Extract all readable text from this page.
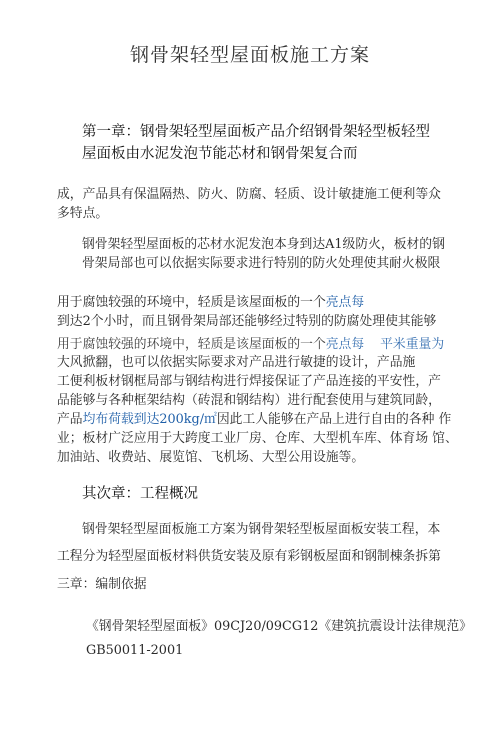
钢骨架轻型屋面板施工方案
第一章：钢骨架轻型屋面板产品介绍钢骨架轻型板轻型
屋面板由水泥发泡节能芯材和钢骨架复合而
成，产品具有保温隔热、防火、防腐、轻质、设计敏捷施工便利等众
多特点。
钢骨架轻型屋面板的芯材水泥发泡本身到达A1级防火，板材的钢
骨架局部也可以依据实际要求进行特别的防火处理使其耐火极限
用于腐蚀较强的环境中，轻质是该屋面板的一个亮点每
到达2个小时，而且钢骨架局部还能够经过特别的防腐处理使其能够
用于腐蚀较强的环境中，轻质是该屋面板的一个亮点每 平米重量为
大风掀翻，也可以依据实际要求对产品进行敏捷的设计，产品施
工便利板材钢框局部与钢结构进行焊接保证了产品连接的平安性，产
品能够与各种框架结构（砖混和钢结构）进行配套使用与建筑同龄，
产品均布荷载到达200kg/㎡因此工人能够在产品上进行自由的各种 作
业；板材广泛应用于大跨度工业厂房、仓库、大型机车库、体育场 馆、
加油站、收费站、展览馆、飞机场、大型公用设施等。
其次章：工程概况
钢骨架轻型屋面板施工方案为钢骨架轻型板屋面板安装工程，本
工程分为轻型屋面板材料供货安装及原有彩钢板屋面和钢制棟条拆第
三章：编制依据
《钢骨架轻型屋面板》09CJ20/09CG12《建筑抗震设计法律规范》
GB50011-2001
